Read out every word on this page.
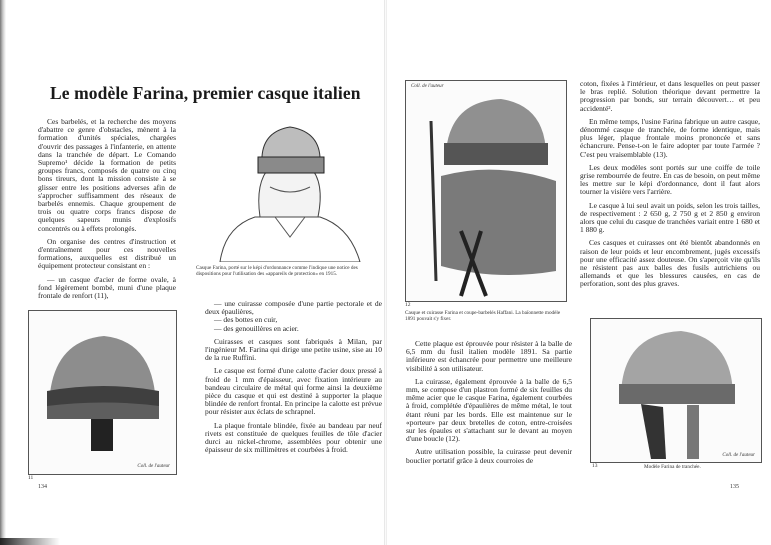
Le modèle Farina, premier casque italien

Ces barbelés, et la recherche des moyens d'abattre ce genre d'obstacles, mènent à la formation d'unités spéciales, chargées d'ouvrir des passages à l'infanterie, en attente dans la tranchée de départ. Le Comando Supremo¹ décide la formation de petits groupes francs, composés de quatre ou cinq bons tireurs, dont la mission consiste à se glisser entre les positions adverses afin de s'approcher suffisamment des réseaux de barbelés ennemis. Chaque groupement de trois ou quatre corps francs dispose de quelques sapeurs munis d'explosifs concentrés ou à effets prolongés.

On organise des centres d'instruction et d'entraînement pour ces nouvelles formations, auxquelles est distribué un équipement protecteur consistant en :

— un casque d'acier de forme ovale, à fond légèrement bombé, muni d'une plaque frontale de renfort (11),

Casque Farina, porté sur le képi d'ordonnance comme l'indique une notice des dispositions pour l'utilisation des «appareils de protection» en 1915.
Coll. de l'auteur
11

— une cuirasse composée d'une partie pectorale et de deux épaulières,

— des bottes en cuir,

— des genouillères en acier.

Cuirasses et casques sont fabriqués à Milan, par l'ingénieur M. Farina qui dirige une petite usine, sise au 10 de la rue Ruffini.

Le casque est formé d'une calotte d'acier doux pressé à froid de 1 mm d'épaisseur, avec fixation intérieure au bandeau circulaire de métal qui forme ainsi la deuxième pièce du casque et qui est destiné à supporter la plaque blindée de renfort frontal. En principe la calotte est prévue pour résister aux éclats de schrapnel.

La plaque frontale blindée, fixée au bandeau par neuf rivets est constituée de quelques feuilles de tôle d'acier durci au nickel-chrome, assemblées pour obtenir une épaisseur de six millimètres et courbées à froid.

134
Coll. de l'auteur
12
Casque et cuirasse Farina et coupe-barbelés Haffani. La baïonnette modèle 1891 pouvait s'y fixer.

coton, fixées à l'intérieur, et dans lesquelles on peut passer le bras replié. Solution théorique devant permettre la progression par bonds, sur terrain découvert… et peu accidenté².

En même temps, l'usine Farina fabrique un autre casque, dénommé casque de tranchée, de forme identique, mais plus léger, plaque frontale moins prononcée et sans échancrure. Pense-t-on le faire adopter par toute l'armée ? C'est peu vraisemblable (13).

Les deux modèles sont portés sur une coiffe de toile grise rembourrée de feutre. En cas de besoin, on peut même les mettre sur le képi d'ordonnance, dont il faut alors tourner la visière vers l'arrière.

Le casque à lui seul avait un poids, selon les trois tailles, de respectivement : 2 650 g, 2 750 g et 2 850 g environ alors que celui du casque de tranchées variait entre 1 680 et 1 880 g.

Ces casques et cuirasses ont été bientôt abandonnés en raison de leur poids et leur encombrement, jugés excessifs pour une efficacité assez douteuse. On s'aperçoit vite qu'ils ne résistent pas aux balles des fusils autrichiens ou allemands et que les blessures causées, en cas de perforation, sont des plus graves.

Cette plaque est éprouvée pour résister à la balle de 6,5 mm du fusil italien modèle 1891. Sa partie inférieure est échancrée pour permettre une meilleure visibilité à son utilisateur.

La cuirasse, également éprouvée à la balle de 6,5 mm, se compose d'un plastron formé de six feuilles du même acier que le casque Farina, également courbées à froid, complétée d'épaulières de même métal, le tout étant réuni par les bords. Elle est maintenue sur le «porteur» par deux bretelles de coton, entre-croisées sur les épaules et s'attachant sur le devant au moyen d'une boucle (12).

Autre utilisation possible, la cuirasse peut devenir bouclier portatif grâce à deux courroies de

Coll. de l'auteur
13	Modèle Farina de tranchée.
135
